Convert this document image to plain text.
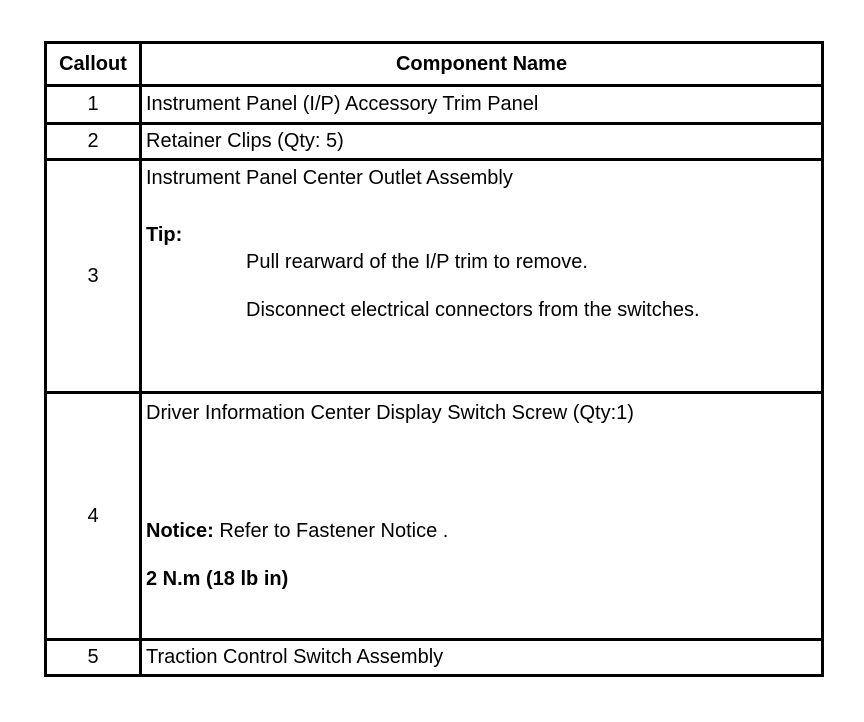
Callout	Component Name
1	Instrument Panel (I/P) Accessory Trim Panel
2	Retainer Clips (Qty: 5)
3	Instrument Panel Center Outlet Assembly
Tip:
Pull rearward of the I/P trim to remove.
Disconnect electrical connectors from the switches.

4	Driver Information Center Display Switch Screw (Qty:1)
Notice: Refer to Fastener Notice .
2 N.m (18 lb in)

5	Traction Control Switch Assembly
